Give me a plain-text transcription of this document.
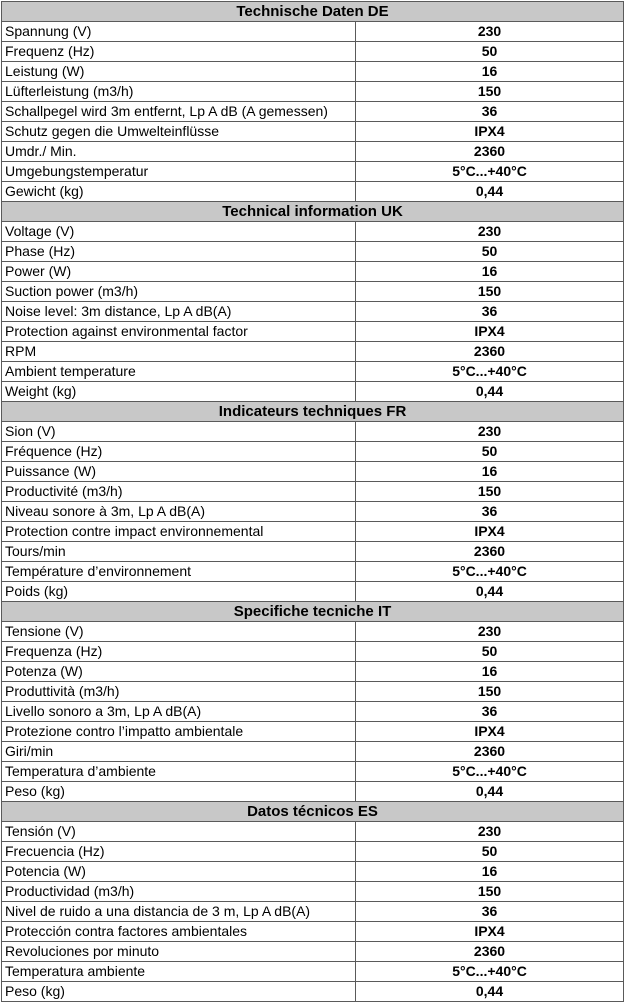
Technische Daten DE	
Spannung (V)	230
Frequenz (Hz)	50
Leistung (W)	16
Lüfterleistung (m3/h)	150
Schallpegel wird 3m entfernt, Lp A dB (A gemessen)	36
Schutz gegen die Umwelteinflüsse	IPX4
Umdr./ Min.	2360
Umgebungstemperatur	5°C...+40°C
Gewicht (kg)	0,44
Technical information UK	
Voltage (V)	230
Phase (Hz)	50
Power (W)	16
Suction power (m3/h)	150
Noise level: 3m distance, Lp A dB(A)	36
Protection against environmental factor	IPX4
RPM	2360
Ambient temperature	5°C...+40°C
Weight (kg)	0,44
Indicateurs techniques FR	
Sion (V)	230
Fréquence (Hz)	50
Puissance (W)	16
Productivité (m3/h)	150
Niveau sonore à 3m, Lp A dB(A)	36
Protection contre impact environnemental	IPX4
Tours/min	2360
Température d’environnement	5°C...+40°C
Poids (kg)	0,44
Specifiche tecniche IT	
Tensione (V)	230
Frequenza (Hz)	50
Potenza (W)	16
Produttività (m3/h)	150
Livello sonoro a 3m, Lp A dB(A)	36
Protezione contro l’impatto ambientale	IPX4
Giri/min	2360
Temperatura d’ambiente	5°C...+40°C
Peso (kg)	0,44
Datos técnicos ES	
Tensión (V)	230
Frecuencia (Hz)	50
Potencia (W)	16
Productividad (m3/h)	150
Nivel de ruido a una distancia de 3 m, Lp A dB(A)	36
Protección contra factores ambientales	IPX4
Revoluciones por minuto	2360
Temperatura ambiente	5°C...+40°C
Peso (kg)	0,44
